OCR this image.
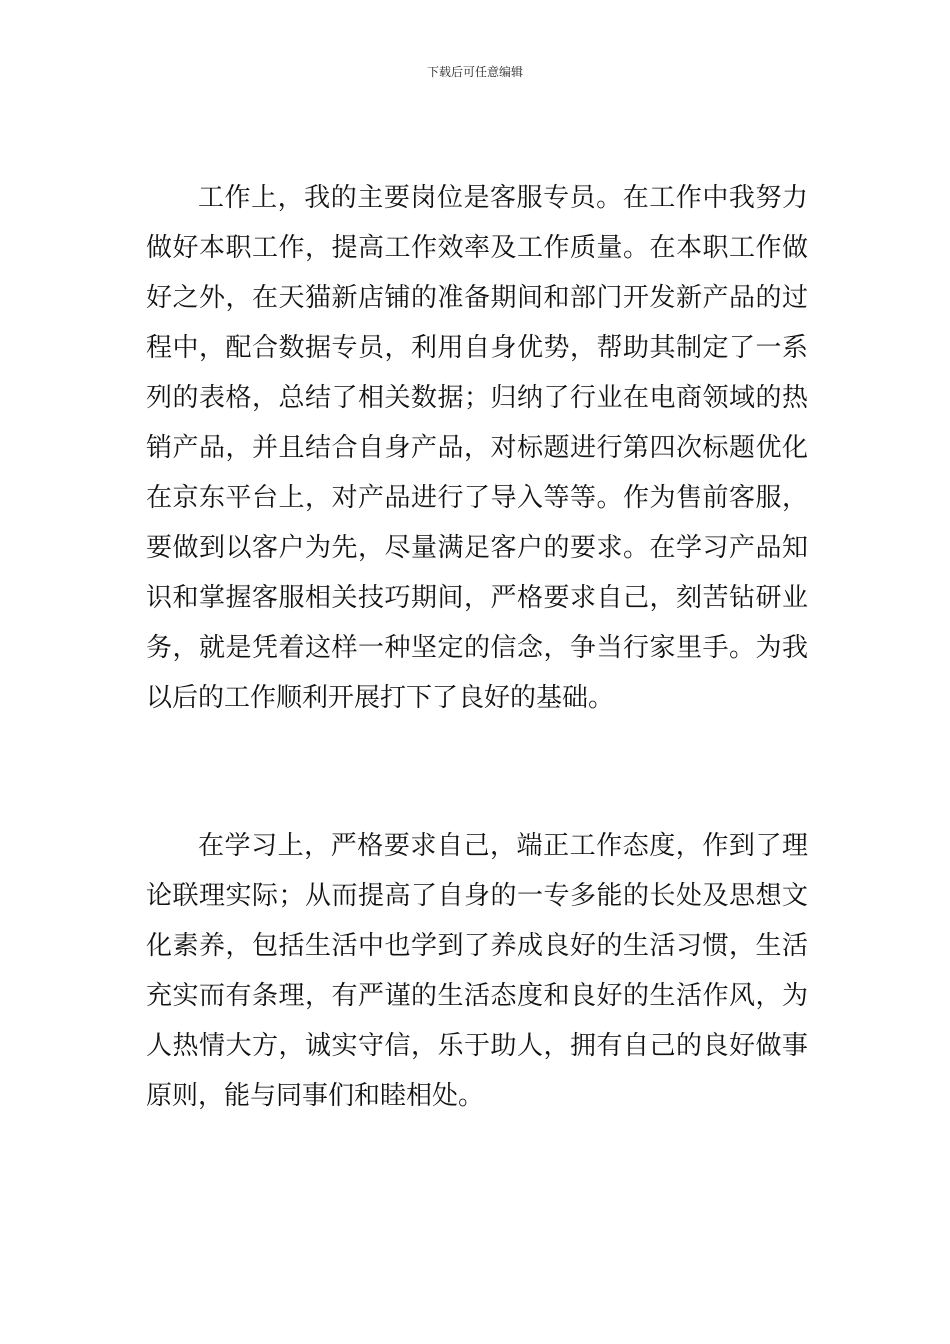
下载后可任意编辑

工作上，我的主要岗位是客服专员。在工作中我努力做好本职工作，提高工作效率及工作质量。在本职工作做好之外，在天猫新店铺的准备期间和部门开发新产品的过程中，配合数据专员，利用自身优势，帮助其制定了一系列的表格，总结了相关数据；归纳了行业在电商领域的热销产品，并且结合自身产品，对标题进行第四次标题优化在京东平台上，对产品进行了导入等等。作为售前客服，要做到以客户为先，尽量满足客户的要求。在学习产品知识和掌握客服相关技巧期间，严格要求自己，刻苦钻研业务，就是凭着这样一种坚定的信念，争当行家里手。为我以后的工作顺利开展打下了良好的基础。

在学习上，严格要求自己，端正工作态度，作到了理论联理实际；从而提高了自身的一专多能的长处及思想文化素养，包括生活中也学到了养成良好的生活习惯，生活充实而有条理，有严谨的生活态度和良好的生活作风，为人热情大方，诚实守信，乐于助人，拥有自己的良好做事原则，能与同事们和睦相处。
